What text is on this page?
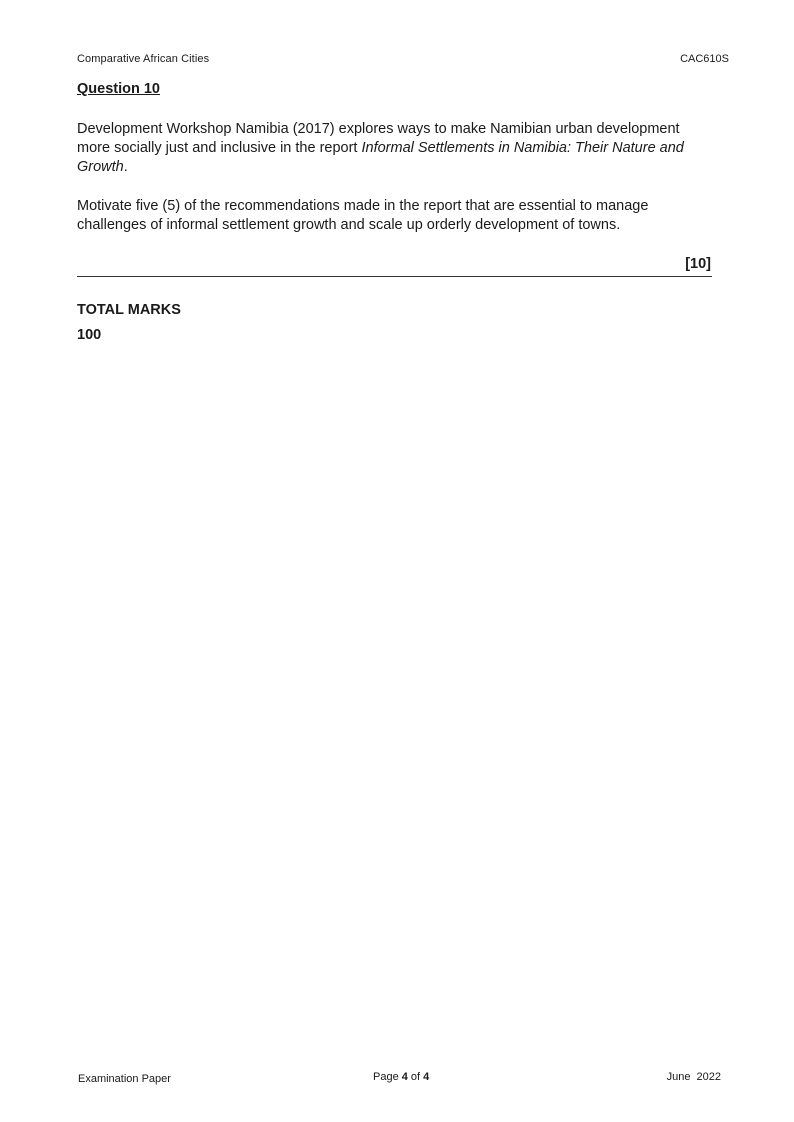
Comparative African Cities	CAC610S
Question 10
Development Workshop Namibia (2017) explores ways to make Namibian urban development more socially just and inclusive in the report Informal Settlements in Namibia: Their Nature and Growth.
Motivate five (5) of the recommendations made in the report that are essential to manage challenges of informal settlement growth and scale up orderly development of towns.
[10]
TOTAL MARKS
100
Examination Paper	Page 4 of 4	June 2022
